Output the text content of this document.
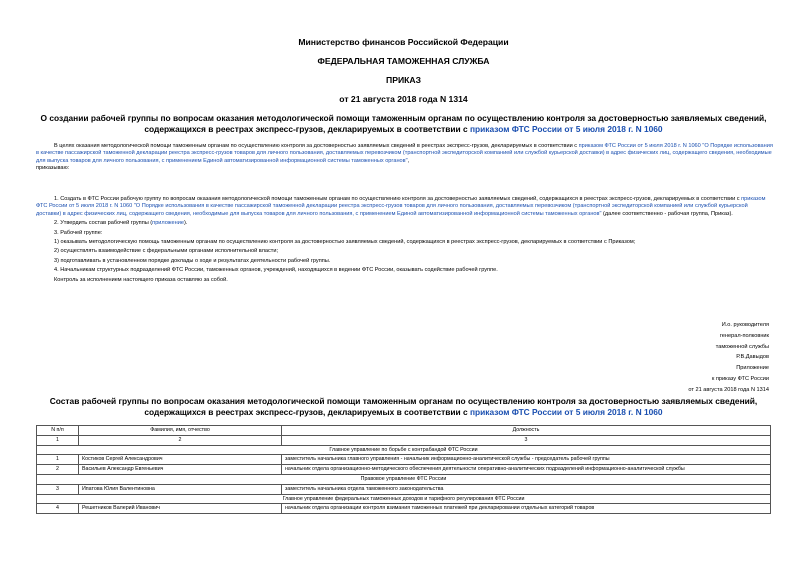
Министерство финансов Российской Федерации
ФЕДЕРАЛЬНАЯ ТАМОЖЕННАЯ СЛУЖБА
ПРИКАЗ
от 21 августа 2018 года N 1314
О создании рабочей группы по вопросам оказания методологической помощи таможенным органам по осуществлению контроля за достоверностью заявляемых сведений, содержащихся в реестрах экспресс-грузов, декларируемых в соответствии с приказом ФТС России от 5 июля 2018 г. N 1060

В целях оказания методологической помощи таможенным органам по осуществлению контроля за достоверностью заявляемых сведений в реестрах экспресс-грузов, декларируемых в соответствии с приказом ФТС России от 5 июля 2018 г. N 1060 "О Порядке использования в качестве пассажирской таможенной декларации реестра экспресс-грузов товаров для личного пользования, доставляемых перевозчиком (транспортной экспедиторской компанией или службой курьерской доставки) в адрес физических лиц, содержащего сведения, необходимые для выпуска товаров для личного пользования, с применением Единой автоматизированной информационной системы таможенных органов",

приказываю:

1. Создать в ФТС России рабочую группу по вопросам оказания методологической помощи таможенным органам по осуществлению контроля за достоверностью заявляемых сведений, содержащихся в реестрах экспресс-грузов, декларируемых в соответствии с приказом ФТС России от 5 июля 2018 г. N 1060 "О Порядке использования в качестве пассажирской таможенной декларации реестра экспресс-грузов товаров для личного пользования, доставляемых перевозчиком (транспортной экспедиторской компанией или службой курьерской доставки) в адрес физических лиц, содержащего сведения, необходимые для выпуска товаров для личного пользования, с применением Единой автоматизированной информационной системы таможенных органов" (далее соответственно - рабочая группа, Приказ).

2. Утвердить состав рабочей группы (приложение).

3. Рабочей группе:

1) оказывать методологическую помощь таможенным органам по осуществлению контроля за достоверностью заявляемых сведений, содержащихся в реестрах экспресс-грузов, декларируемых в соответствии с Приказом;

2) осуществлять взаимодействие с федеральными органами исполнительной власти;

3) подготавливать в установленном порядке доклады о ходе и результатах деятельности рабочей группы.

4. Начальникам структурных подразделений ФТС России, таможенных органов, учреждений, находящихся в ведении ФТС России, оказывать содействие рабочей группе.

Контроль за исполнением настоящего приказа оставляю за собой.

И.о. руководителя
генерал-полковник
таможенной службы
Р.В.Давыдов
Приложение
к приказу ФТС России
от 21 августа 2018 года N 1314
Состав рабочей группы по вопросам оказания методологической помощи таможенным органам по осуществлению контроля за достоверностью заявляемых сведений, содержащихся в реестрах экспресс-грузов, декларируемых в соответствии с приказом ФТС России от 5 июля 2018 г. N 1060
N п/п	Фамилия, имя, отчество	Должность
1	2	3
Главное управление по борьбе с контрабандой ФТС России		
1	Костиков Сергей Александрович	заместитель начальника главного управления - начальник информационно-аналитической службы - председатель рабочей группы
2	Васильев Александр Евгеньевич	начальник отдела организационно-методического обеспечения деятельности оперативно-аналитических подразделений информационно-аналитической службы
Правовое управление ФТС России		
3	Ипатова Юлия Валентиновна	заместитель начальника отдела таможенного законодательства
Главное управление федеральных таможенных доходов и тарифного регулирования ФТС России		
4	Решетников Валерий Иванович	начальник отдела организации контроля взимания таможенных платежей при декларировании отдельных категорий товаров
